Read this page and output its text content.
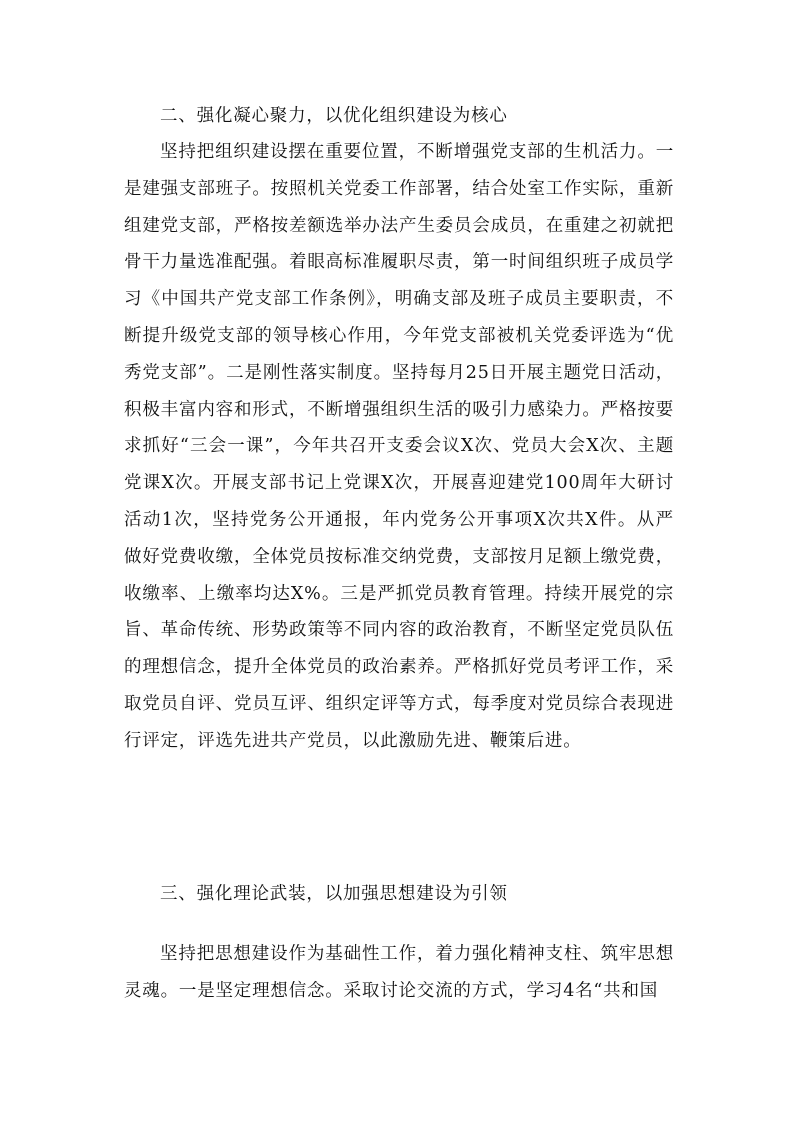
二、强化凝心聚力，以优化组织建设为核心

坚持把组织建设摆在重要位置，不断增强党支部的生机活力。一是建强支部班子。按照机关党委工作部署，结合处室工作实际，重新组建党支部，严格按差额选举办法产生委员会成员，在重建之初就把骨干力量选准配强。着眼高标准履职尽责，第一时间组织班子成员学习《中国共产党支部工作条例》，明确支部及班子成员主要职责，不断提升级党支部的领导核心作用，今年党支部被机关党委评选为“优秀党支部”。二是刚性落实制度。坚持每月25日开展主题党日活动，积极丰富内容和形式，不断增强组织生活的吸引力感染力。严格按要求抓好“三会一课”，今年共召开支委会议X次、党员大会X次、主题党课X次。开展支部书记上党课X次，开展喜迎建党100周年大研讨活动1次，坚持党务公开通报，年内党务公开事项X次共X件。从严做好党费收缴，全体党员按标准交纳党费，支部按月足额上缴党费，收缴率、上缴率均达X%。三是严抓党员教育管理。持续开展党的宗旨、革命传统、形势政策等不同内容的政治教育，不断坚定党员队伍的理想信念，提升全体党员的政治素养。严格抓好党员考评工作，采取党员自评、党员互评、组织定评等方式，每季度对党员综合表现进行评定，评选先进共产党员，以此激励先进、鞭策后进。

三、强化理论武装，以加强思想建设为引领

坚持把思想建设作为基础性工作，着力强化精神支柱、筑牢思想灵魂。一是坚定理想信念。采取讨论交流的方式，学习4名“共和国
